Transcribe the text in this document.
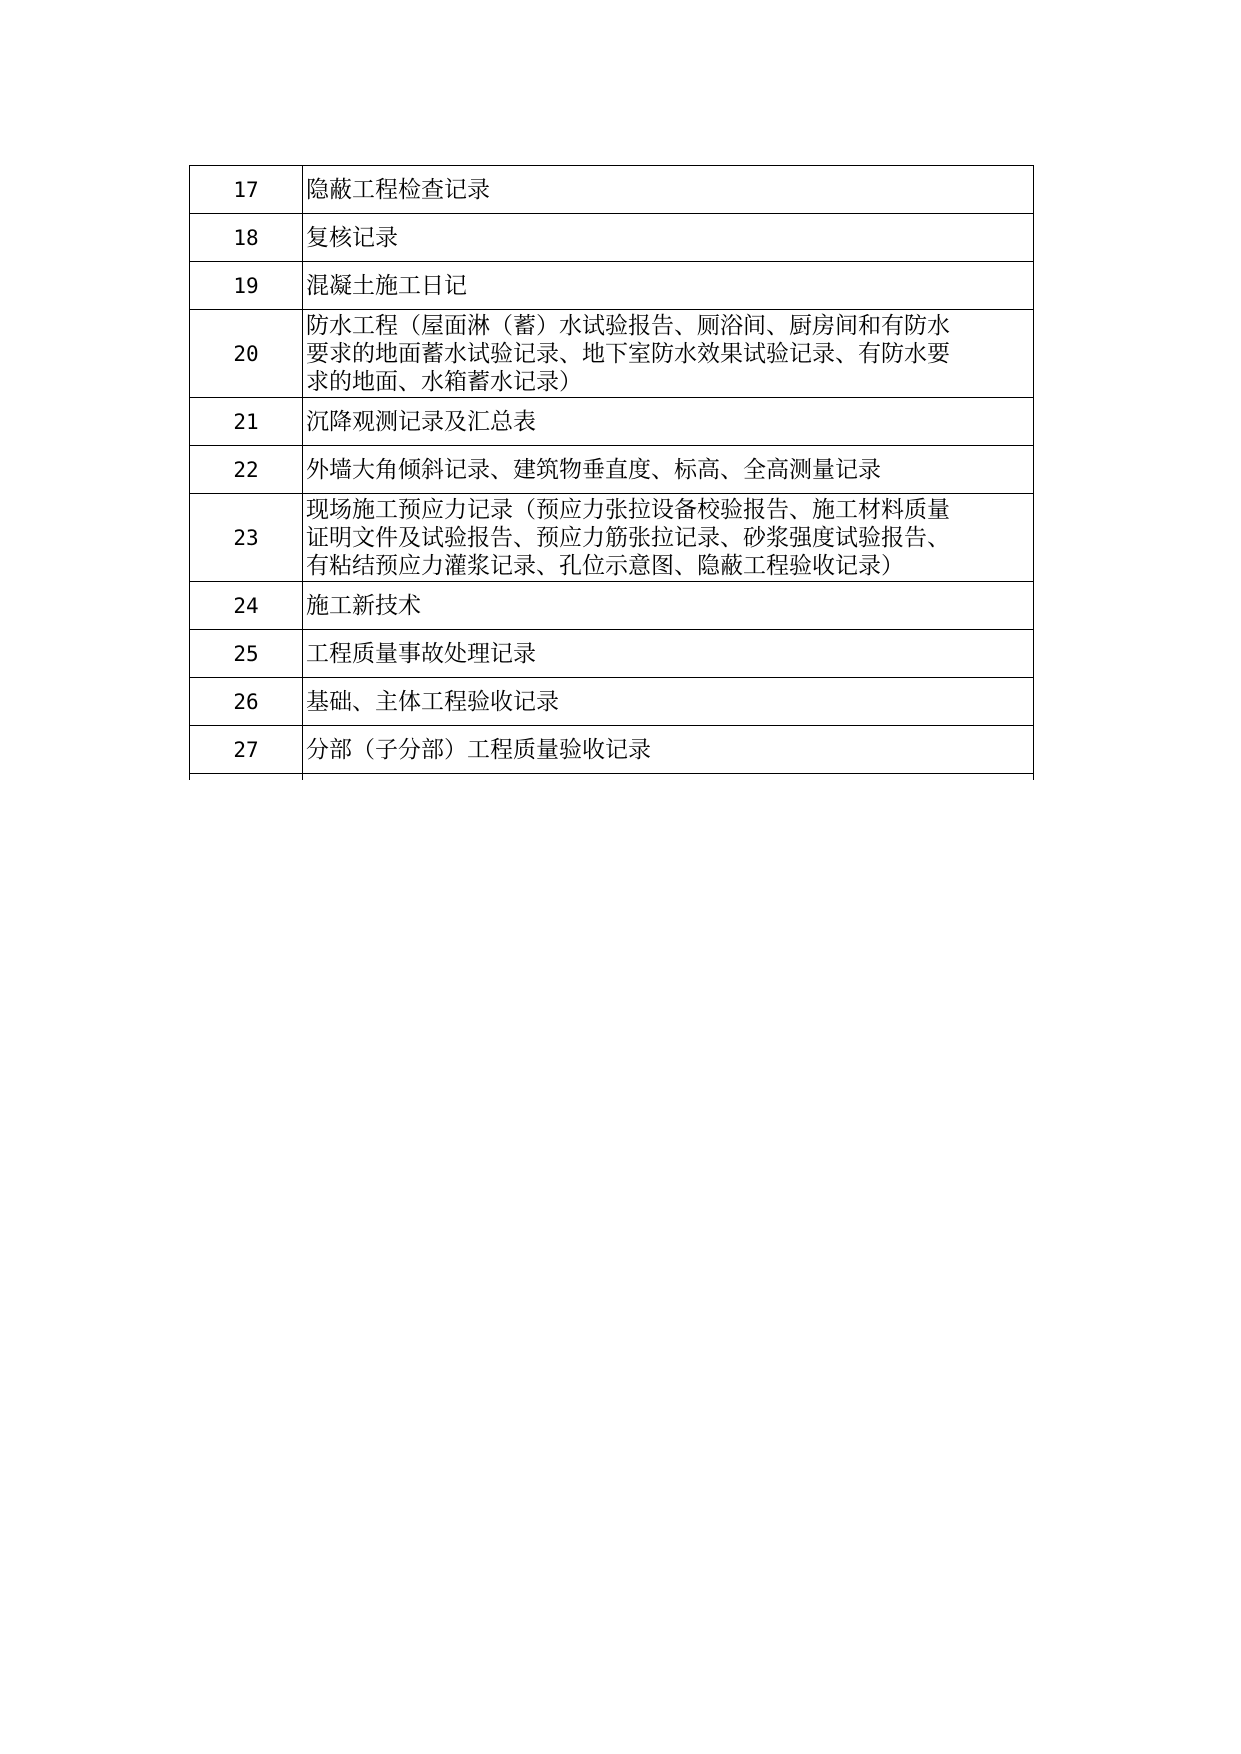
17	隐蔽工程检查记录
18	复核记录
19	混凝土施工日记
20	防水工程（屋面淋（蓄）水试验报告、厕浴间、厨房间和有防水
要求的地面蓄水试验记录、地下室防水效果试验记录、有防水要
求的地面、水箱蓄水记录）

21	沉降观测记录及汇总表
22	外墙大角倾斜记录、建筑物垂直度、标高、全高测量记录
23	现场施工预应力记录（预应力张拉设备校验报告、施工材料质量
证明文件及试验报告、预应力筋张拉记录、砂浆强度试验报告、
有粘结预应力灌浆记录、孔位示意图、隐蔽工程验收记录）

24	施工新技术
25	工程质量事故处理记录
26	基础、主体工程验收记录
27	分部（子分部）工程质量验收记录
